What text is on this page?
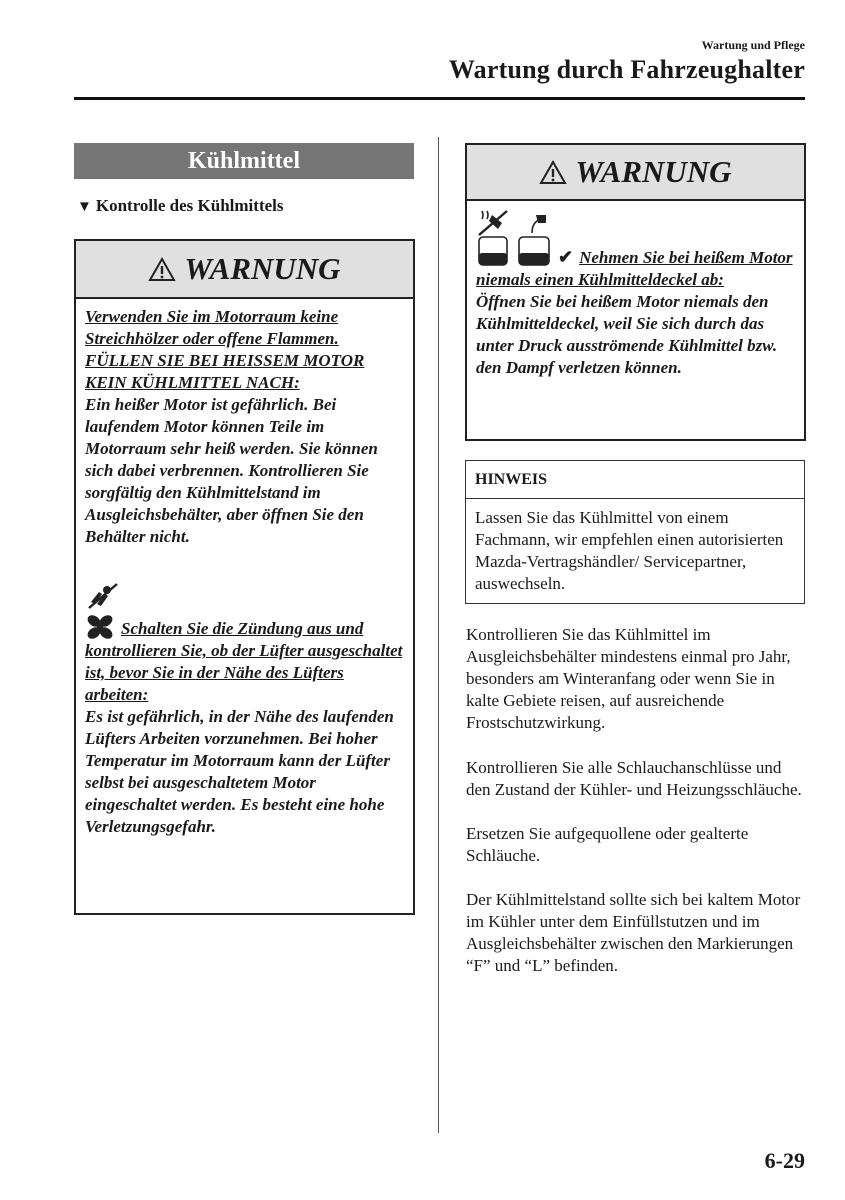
Wartung und Pflege
Wartung durch Fahrzeughalter
Kühlmittel
▼ Kontrolle des Kühlmittels
WARNUNG
Verwenden Sie im Motorraum keine Streichhölzer oder offene Flammen. FÜLLEN SIE BEI HEISSEM MOTOR KEIN KÜHLMITTEL NACH:
Ein heißer Motor ist gefährlich. Bei laufendem Motor können Teile im Motorraum sehr heiß werden. Sie können sich dabei verbrennen. Kontrollieren Sie sorgfältig den Kühlmittelstand im Ausgleichsbehälter, aber öffnen Sie den Behälter nicht.
Schalten Sie die Zündung aus und kontrollieren Sie, ob der Lüfter ausgeschaltet ist, bevor Sie in der Nähe des Lüfters arbeiten:
Es ist gefährlich, in der Nähe des laufenden Lüfters Arbeiten vorzunehmen. Bei hoher Temperatur im Motorraum kann der Lüfter selbst bei ausgeschaltetem Motor eingeschaltet werden. Es besteht eine hohe Verletzungsgefahr.
WARNUNG
✔ Nehmen Sie bei heißem Motor niemals einen Kühlmitteldeckel ab:
Öffnen Sie bei heißem Motor niemals den Kühlmitteldeckel, weil Sie sich durch das unter Druck ausströmende Kühlmittel bzw. den Dampf verletzen können.
HINWEIS
Lassen Sie das Kühlmittel von einem Fachmann, wir empfehlen einen autorisierten Mazda-Vertragshändler/ Servicepartner, auswechseln.
Kontrollieren Sie das Kühlmittel im Ausgleichsbehälter mindestens einmal pro Jahr, besonders am Winteranfang oder wenn Sie in kalte Gebiete reisen, auf ausreichende Frostschutzwirkung.
Kontrollieren Sie alle Schlauchanschlüsse und den Zustand der Kühler- und Heizungsschläuche.
Ersetzen Sie aufgequollene oder gealterte Schläuche.
Der Kühlmittelstand sollte sich bei kaltem Motor im Kühler unter dem Einfüllstutzen und im Ausgleichsbehälter zwischen den Markierungen “F” und “L” befinden.
6-29
